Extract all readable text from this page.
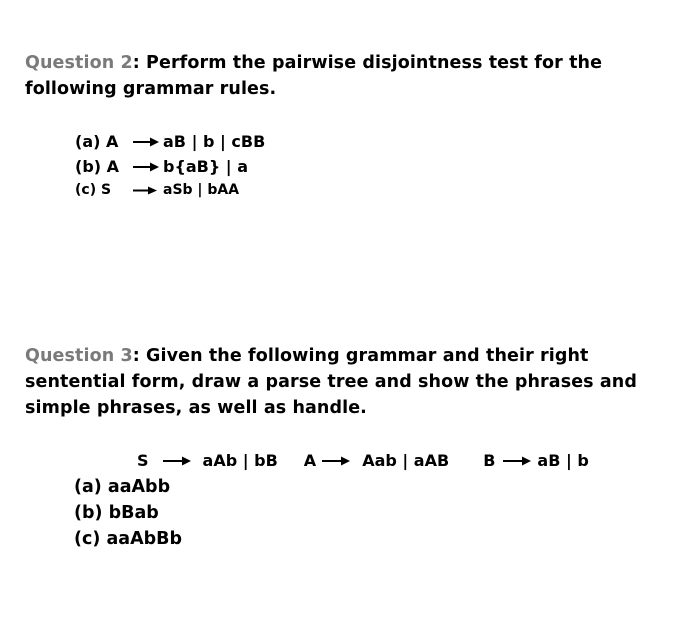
Question 2: Perform the pairwise disjointness test for the following grammar rules.
(a) A	aB | b | cBB
(b) A	b{aB} | a
(c) S	aSb | bAA
Question 3: Given the following grammar and their right sentential form, draw a parse tree and show the phrases and simple phrases, as well as handle.
S	aAb | bB A	Aab | aAB B	aB | b
(a) aaAbb
(b) bBab
(c) aaAbBb
